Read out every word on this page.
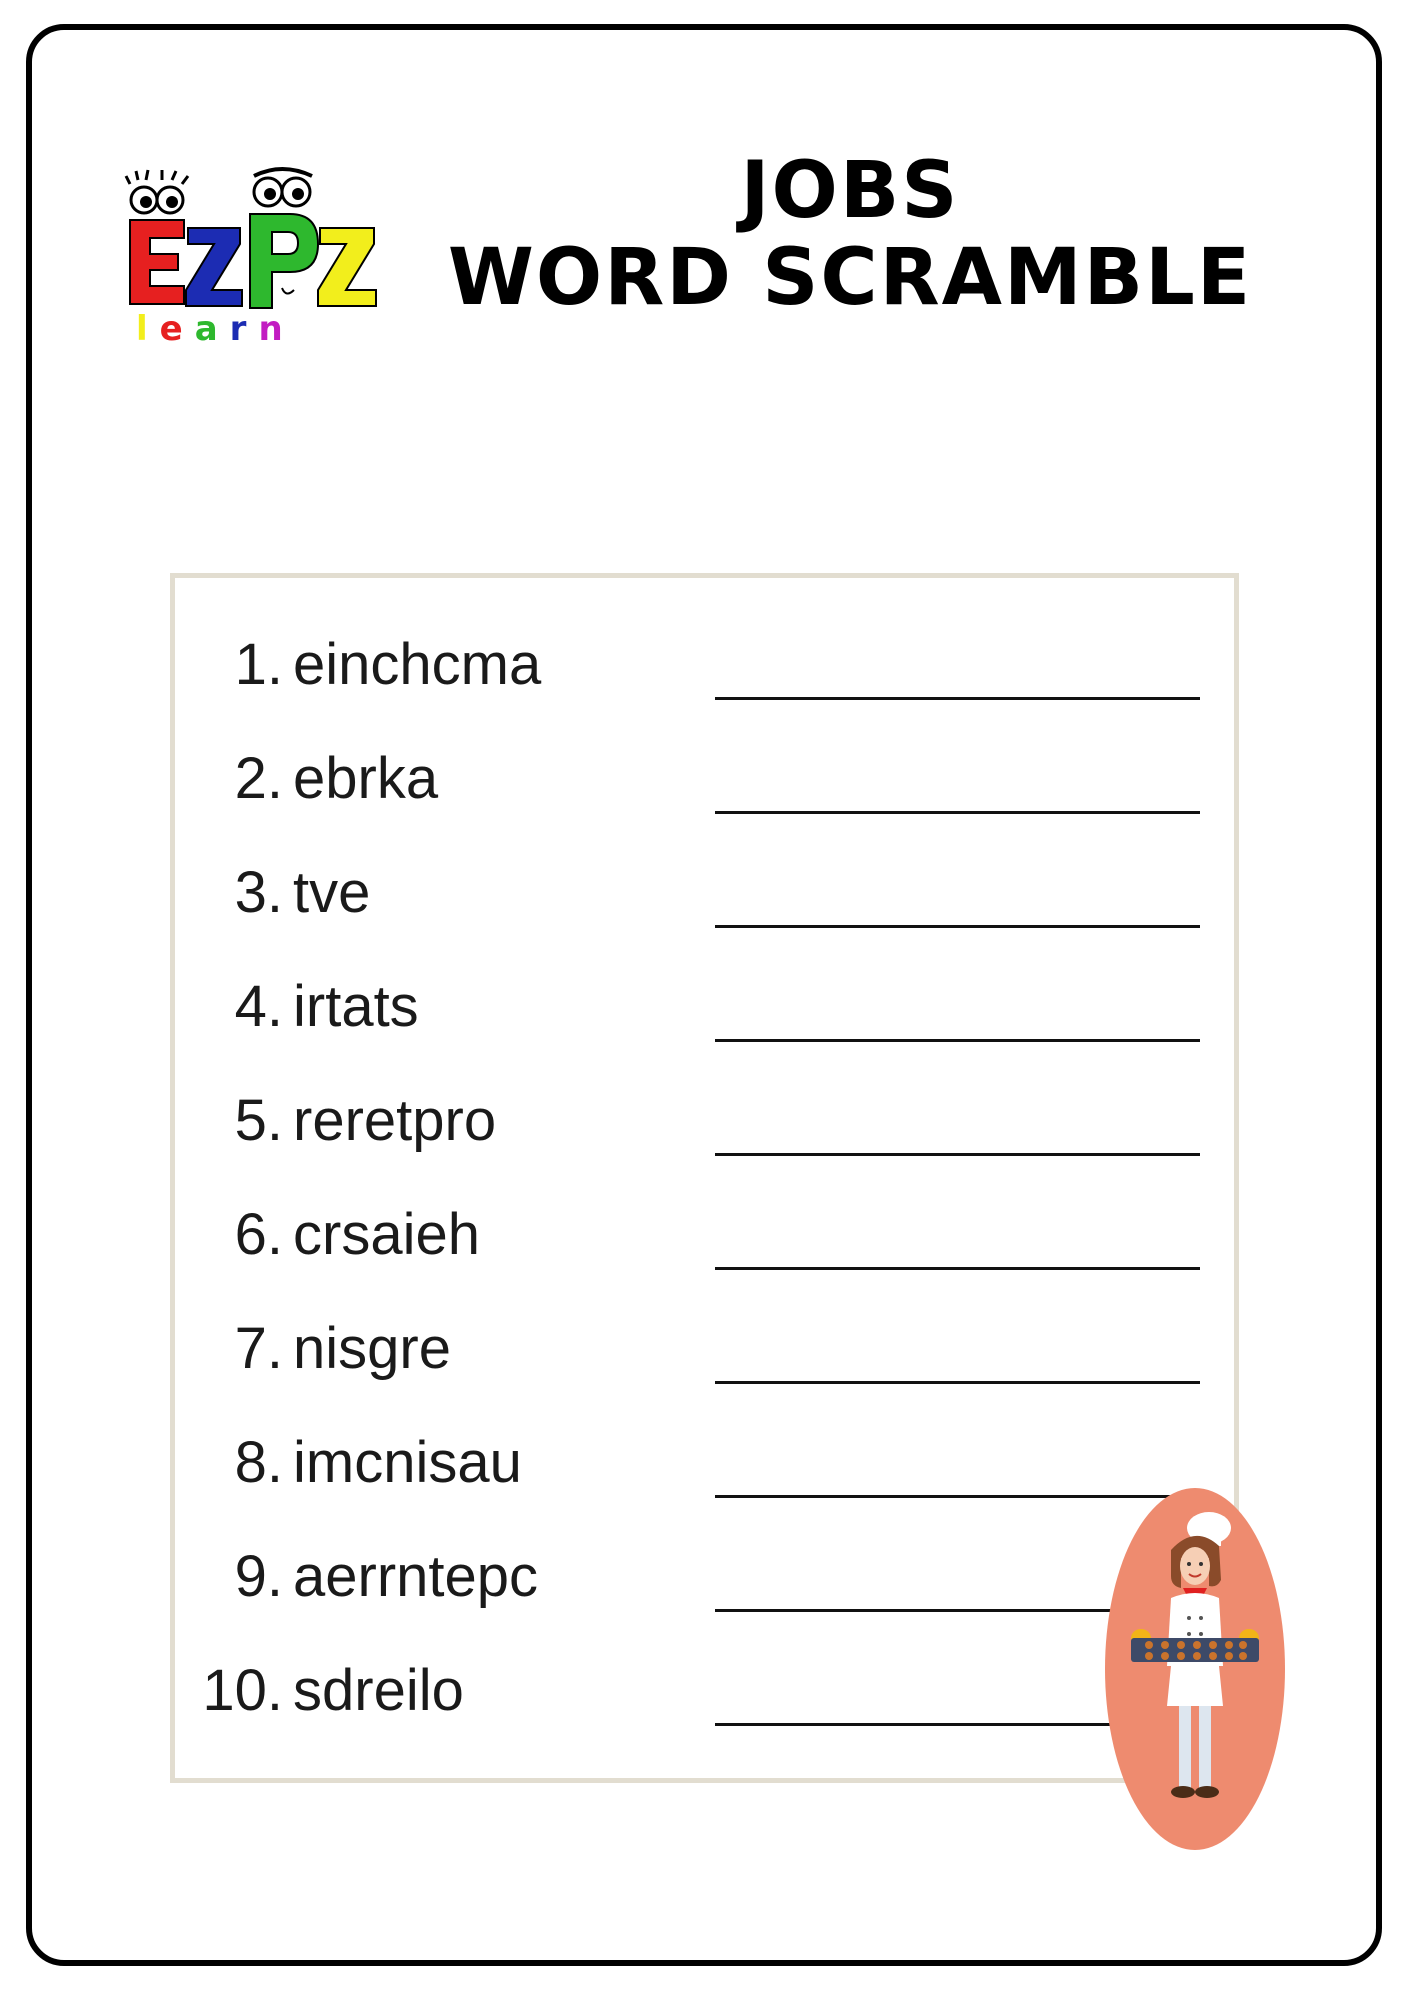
learn
JOBS
WORD SCRAMBLE
1. einchcma
2. ebrka
3. tve
4. irtats
5. reretpro
6. crsaieh
7. nisgre
8. imcnisau
9. aerrntepc
10. sdreilo
